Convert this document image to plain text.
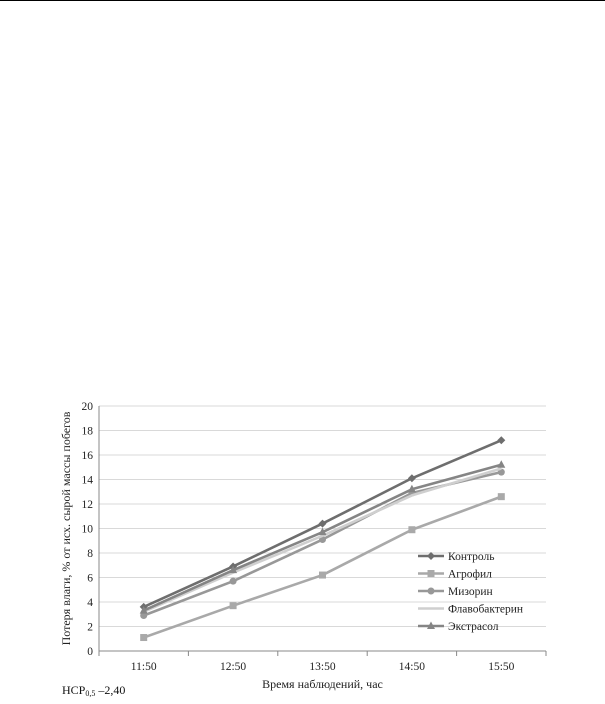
0
2
4
6
8
10
12
14
16
18
20
11:50	12:50	13:50	14:50	15:50
Контроль
Агрофил
Мизорин
Флавобактерин
Экстрасол
Потеря влаги, % от исх. сырой массы побегов
Время наблюдений, час
$НСР_{0,5}$ –2,40
